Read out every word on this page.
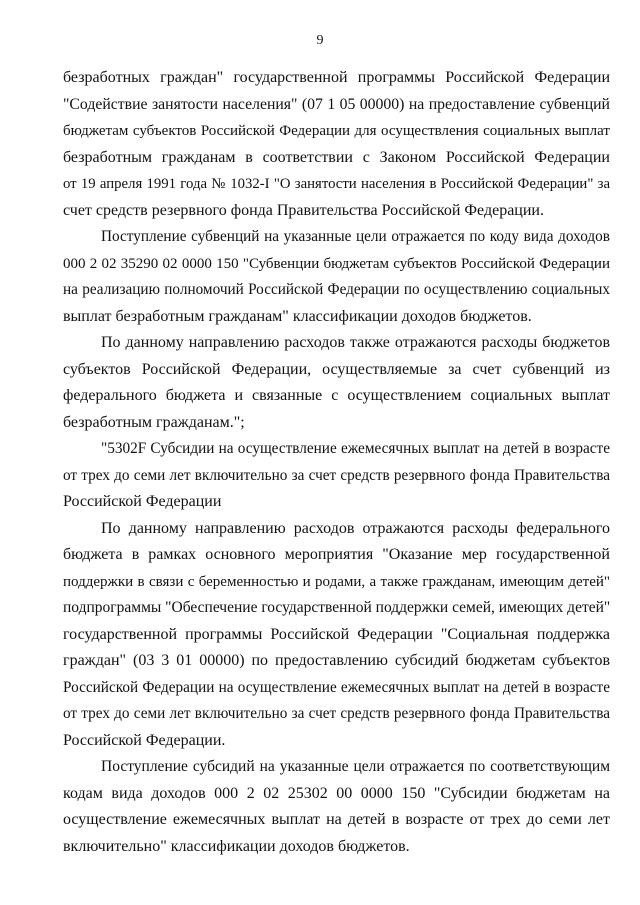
9

безработных граждан" государственной программы Российской Федерации
"Содействие занятости населения" (07 1 05 00000) на предоставление субвенций
бюджетам субъектов Российской Федерации для осуществления социальных выплат
безработным гражданам в соответствии с Законом Российской Федерации
от 19 апреля 1991 года № 1032-I "О занятости населения в Российской Федерации" за
счет средств резервного фонда Правительства Российской Федерации.

Поступление субвенций на указанные цели отражается по коду вида доходов
000 2 02 35290 02 0000 150 "Субвенции бюджетам субъектов Российской Федерации
на реализацию полномочий Российской Федерации по осуществлению социальных
выплат безработным гражданам" классификации доходов бюджетов.

По данному направлению расходов также отражаются расходы бюджетов
субъектов Российской Федерации, осуществляемые за счет субвенций из
федерального бюджета и связанные с осуществлением социальных выплат
безработным гражданам.";

"5302F Субсидии на осуществление ежемесячных выплат на детей в возрасте
от трех до семи лет включительно за счет средств резервного фонда Правительства
Российской Федерации

По данному направлению расходов отражаются расходы федерального
бюджета в рамках основного мероприятия "Оказание мер государственной
поддержки в связи с беременностью и родами, а также гражданам, имеющим детей"
подпрограммы "Обеспечение государственной поддержки семей, имеющих детей"
государственной программы Российской Федерации "Социальная поддержка
граждан" (03 3 01 00000) по предоставлению субсидий бюджетам субъектов
Российской Федерации на осуществление ежемесячных выплат на детей в возрасте
от трех до семи лет включительно за счет средств резервного фонда Правительства
Российской Федерации.

Поступление субсидий на указанные цели отражается по соответствующим
кодам вида доходов 000 2 02 25302 00 0000 150 "Субсидии бюджетам на
осуществление ежемесячных выплат на детей в возрасте от трех до семи лет
включительно" классификации доходов бюджетов.
